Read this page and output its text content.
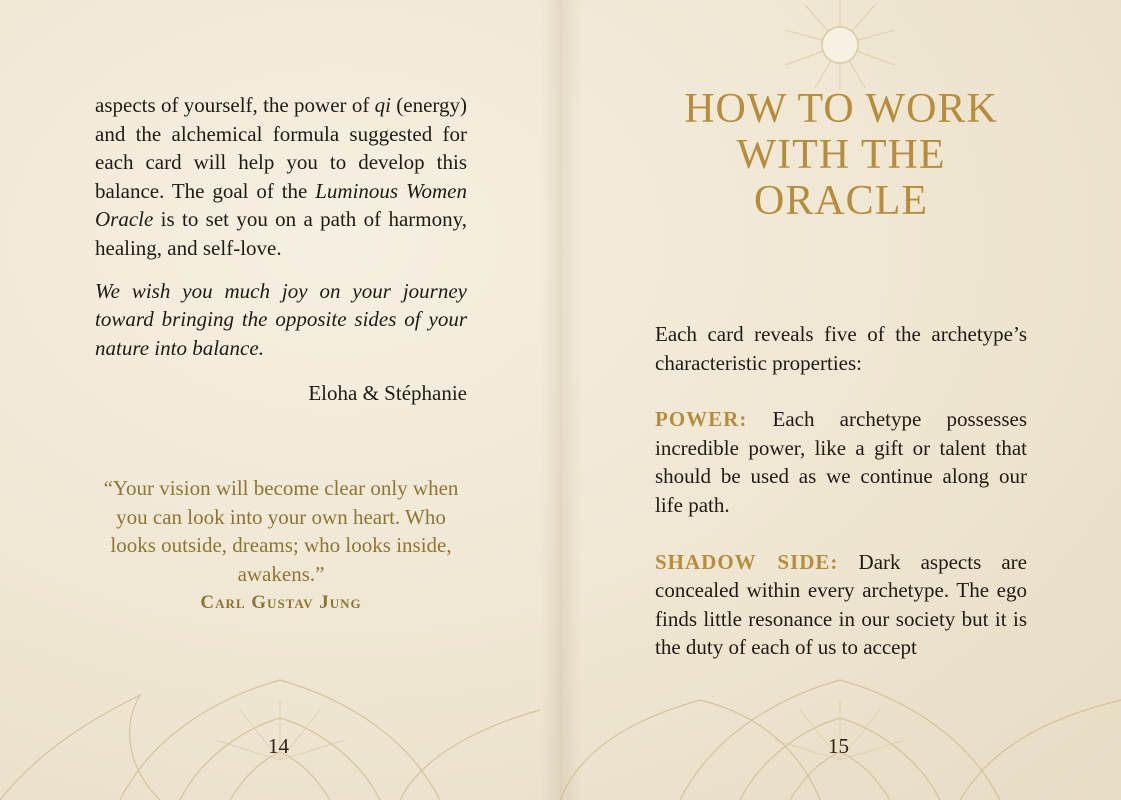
aspects of yourself, the power of qi (energy) and the alchemical formula suggested for each card will help you to develop this balance. The goal of the Luminous Women Oracle is to set you on a path of harmony, healing, and self-love.

We wish you much joy on your journey toward bringing the opposite sides of your nature into balance.

Eloha & Stéphanie
“Your vision will become clear only when you can look into your own heart. Who looks outside, dreams; who looks inside, awakens.”
Carl Gustav Jung
14
HOW TO WORK
WITH THE
ORACLE

Each card reveals five of the archetype’s characteristic properties:

POWER: Each archetype possesses incredible power, like a gift or talent that should be used as we continue along our life path.

SHADOW SIDE: Dark aspects are concealed within every archetype. The ego finds little resonance in our society but it is the duty of each of us to accept

15
